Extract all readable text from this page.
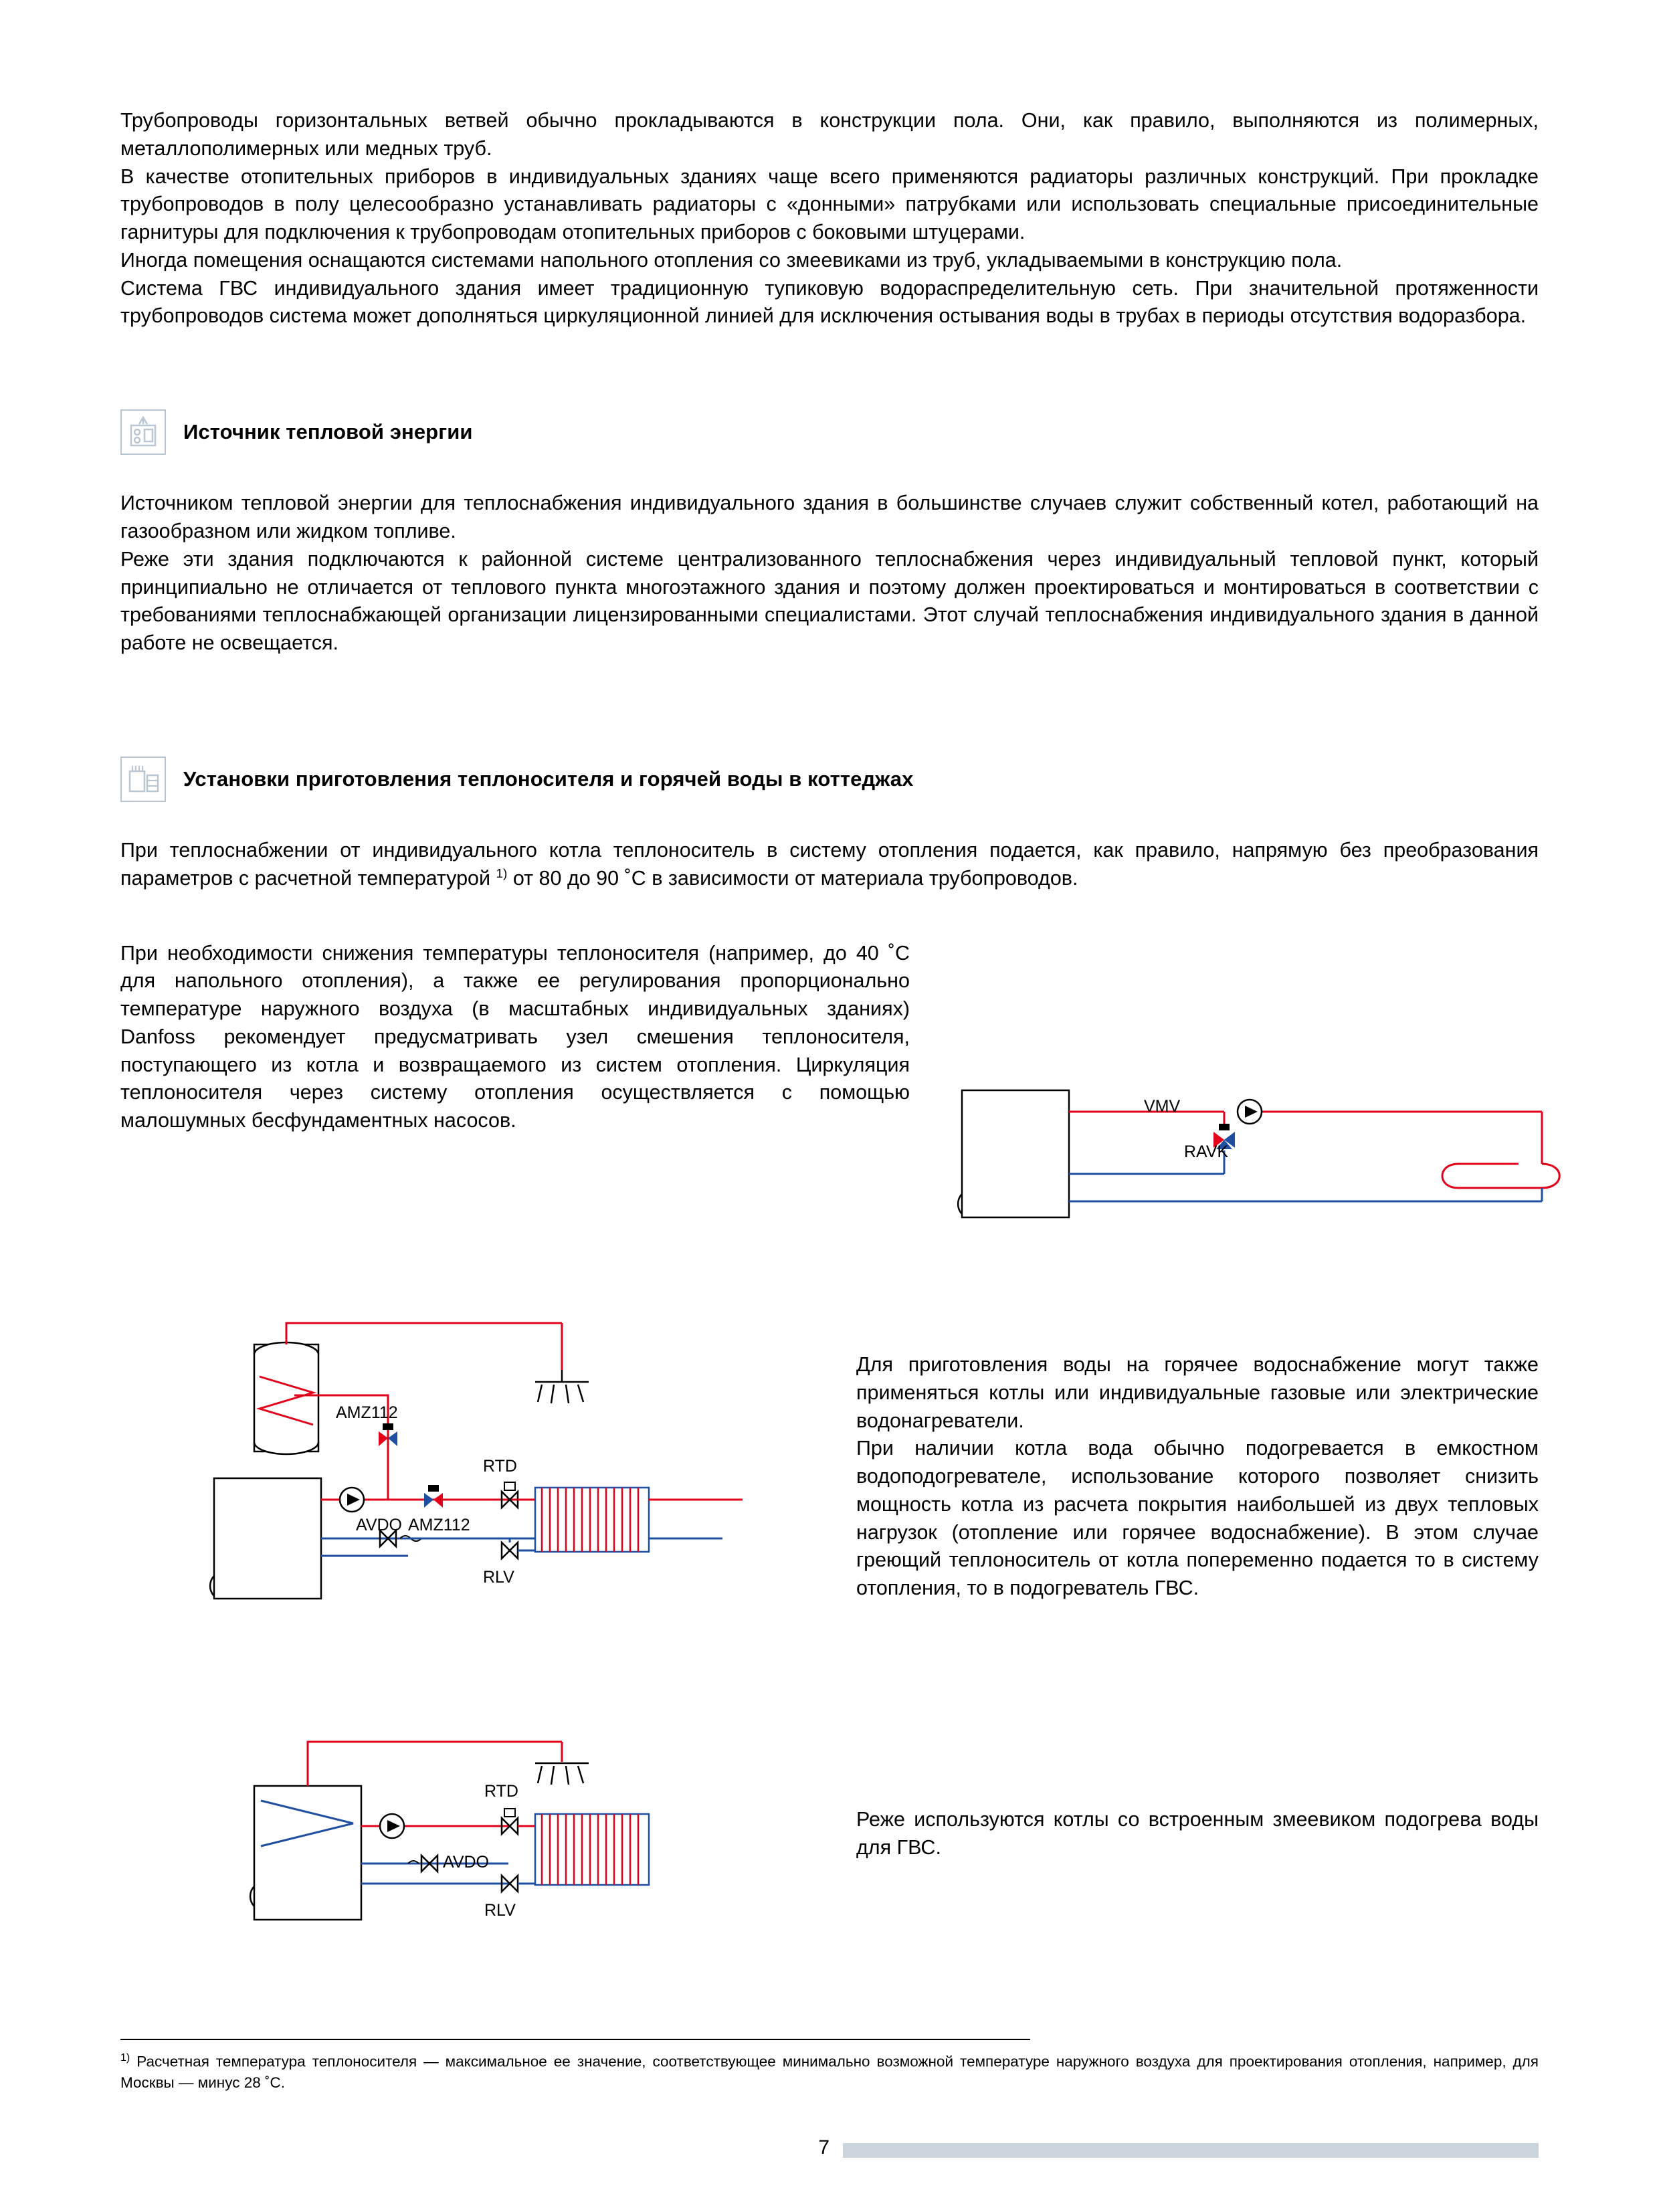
Трубопроводы горизонтальных ветвей обычно прокладываются в конструкции пола. Они, как правило, выполняются из полимерных, металлополимерных или медных труб.

В качестве отопительных приборов в индивидуальных зданиях чаще всего применяются радиаторы различных конструкций. При прокладке трубопроводов в полу целесообразно устанавливать радиаторы с «донными» патрубками или использовать специальные присоединительные гарнитуры для подключения к трубопроводам отопительных приборов с боковыми штуцерами.

Иногда помещения оснащаются системами напольного отопления со змеевиками из труб, укладываемыми в конструкцию пола.

Система ГВС индивидуального здания имеет традиционную тупиковую водораспределительную сеть. При значительной протяженности трубопроводов система может дополняться циркуляционной линией для исключения остывания воды в трубах в периоды отсутствия водоразбора.

Источник тепловой энергии

Источником тепловой энергии для теплоснабжения индивидуального здания в большинстве случаев служит собственный котел, работающий на газообразном или жидком топливе.

Реже эти здания подключаются к районной системе централизованного теплоснабжения через индивидуальный тепловой пункт, который принципиально не отличается от теплового пункта многоэтажного здания и поэтому должен проектироваться и монтироваться в соответствии с требованиями теплоснабжающей организации лицензированными специалистами. Этот случай теплоснабжения индивидуального здания в данной работе не освещается.

Установки приготовления теплоносителя и горячей воды в коттеджах

При теплоснабжении от индивидуального котла теплоноситель в систему отопления подается, как правило, напрямую без преобразования параметров с расчетной температурой $^{1)}$ от 80 до 90 ˚С в зависимости от материала трубопроводов.

При необходимости снижения температуры теплоносителя (например, до 40 ˚С для напольного отопления), а также ее регулирования пропорционально температуре наружного воздуха (в масштабных индивидуальных зданиях) Danfoss рекомендует предусматривать узел смешения теплоносителя, поступающего из котла и возвращаемого из систем отопления. Циркуляция теплоносителя через систему отопления осуществляется с помощью малошумных бесфундаментных насосов.

VMV
RAVK
AMZ112
AMZ112
AVDO
RTD
RLV
AVDO
RTD
RLV

Для приготовления воды на горячее водоснабжение могут также применяться котлы или индивидуальные газовые или электрические водонагреватели.

При наличии котла вода обычно подогревается в емкостном водоподогревателе, использование которого позволяет снизить мощность котла из расчета покрытия наибольшей из двух тепловых нагрузок (отопление или горячее водоснабжение). В этом случае греющий теплоноситель от котла попеременно подается то в систему отопления, то в подогреватель ГВС.

Реже используются котлы со встроенным змеевиком подогрева воды для ГВС.

$^{1)}$ Расчетная температура теплоносителя — максимальное ее значение, соответствующее минимально возможной температуре наружного воздуха для проектирования отопления, например, для Москвы — минус 28 ˚С.
7
